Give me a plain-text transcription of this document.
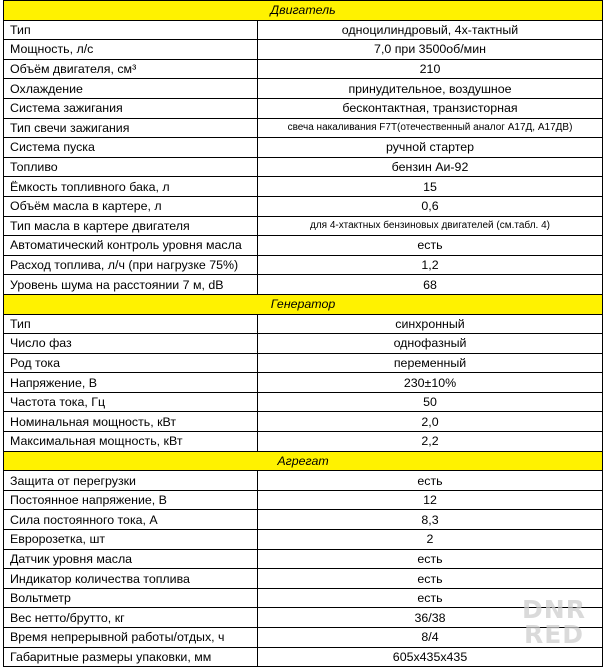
Двигатель	
Тип	одноцилиндровый, 4х-тактный
Мощность, л/с	7,0 при 3500об/мин
Объём двигателя, см³	210
Охлаждение	принудительное, воздушное
Система зажигания	бесконтактная, транзисторная
Тип свечи зажигания	свеча накаливания F7T(отечественный аналог А17Д, А17ДВ)
Система пуска	ручной стартер
Топливо	бензин Аи-92
Ёмкость топливного бака, л	15
Объём масла в картере, л	0,6
Тип масла в картере двигателя	для 4-хтактных бензиновых двигателей (см.табл. 4)
Автоматический контроль уровня масла	есть
Расход топлива, л/ч (при нагрузке 75%)	1,2
Уровень шума на расстоянии 7 м, dB	68
Генератор	
Тип	синхронный
Число фаз	однофазный
Род тока	переменный
Напряжение, В	230±10%
Частота тока, Гц	50
Номинальная мощность, кВт	2,0
Максимальная мощность, кВт	2,2
Агрегат	
Защита от перегрузки	есть
Постоянное напряжение, В	12
Сила постоянного тока, А	8,3
Евророзетка, шт	2
Датчик уровня масла	есть
Индикатор количества топлива	есть
Вольтметр	есть
Вес нетто/брутто, кг	36/38
Время непрерывной работы/отдых, ч	8/4
Габаритные размеры упаковки, мм	605x435x435
DNR
RED
